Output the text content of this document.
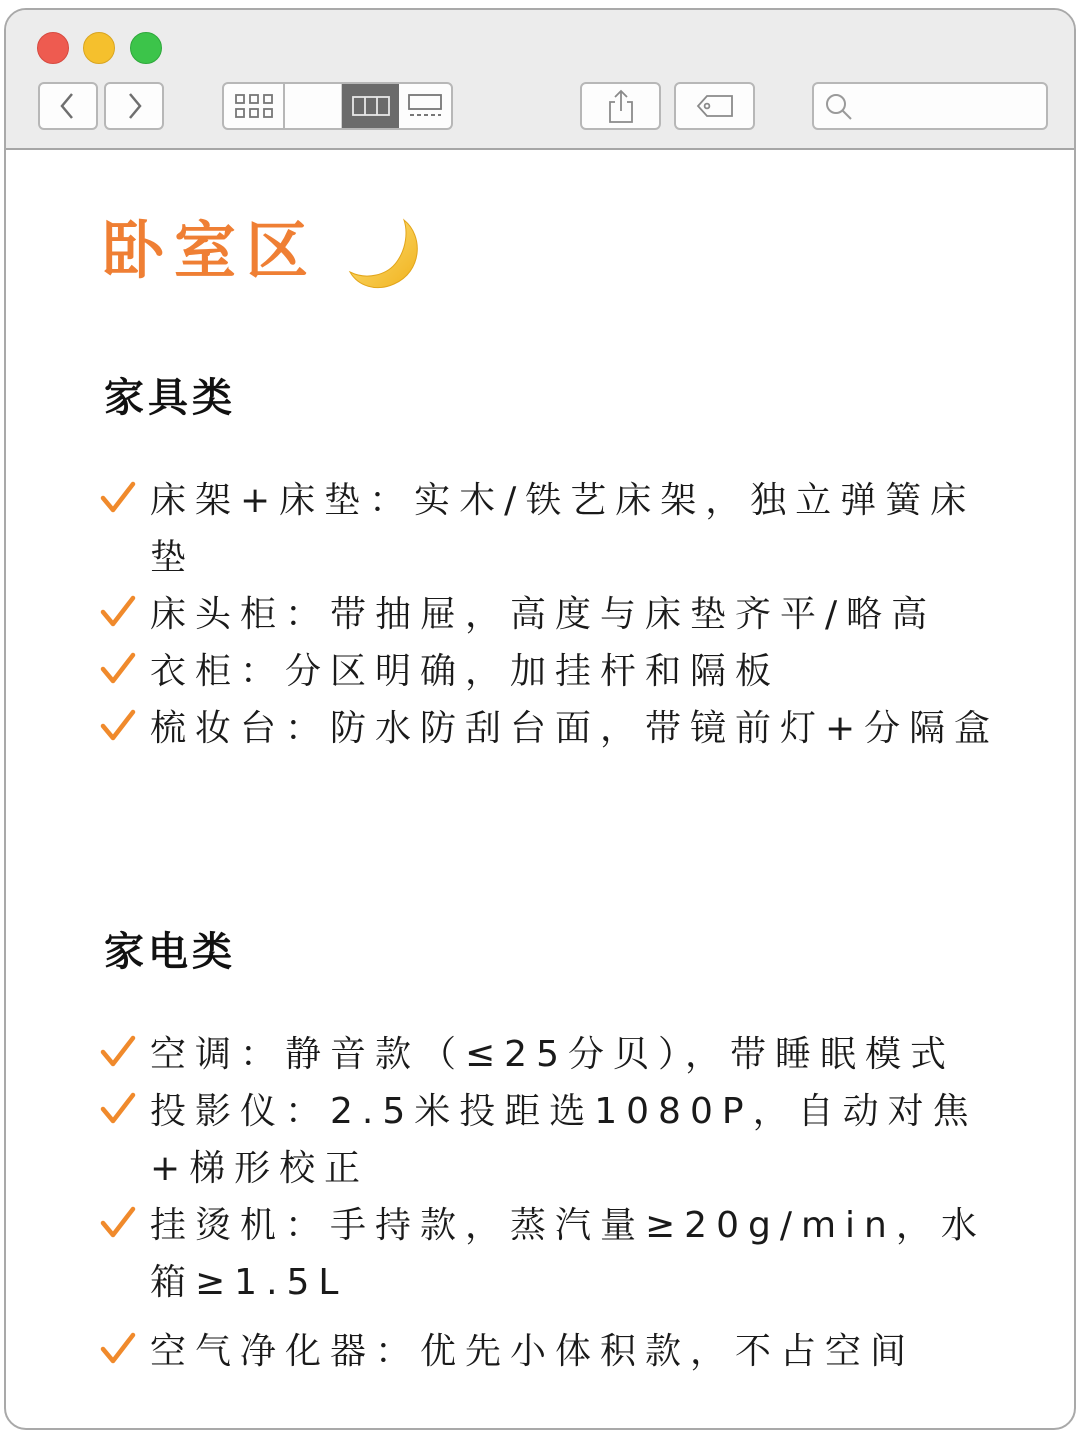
卧室区
家具类
床架+床垫：实木/铁艺床架，独立弹簧床垫
床头柜：带抽屉，高度与床垫齐平/略高
衣柜：分区明确，加挂杆和隔板
梳妆台：防水防刮台面，带镜前灯+分隔盒
家电类
空调：静音款（≤25分贝），带睡眠模式
投影仪：2.5米投距选1080P，自动对焦+梯形校正
挂烫机：手持款，蒸汽量≥20g/min，水箱≥1.5L
空气净化器：优先小体积款，不占空间
